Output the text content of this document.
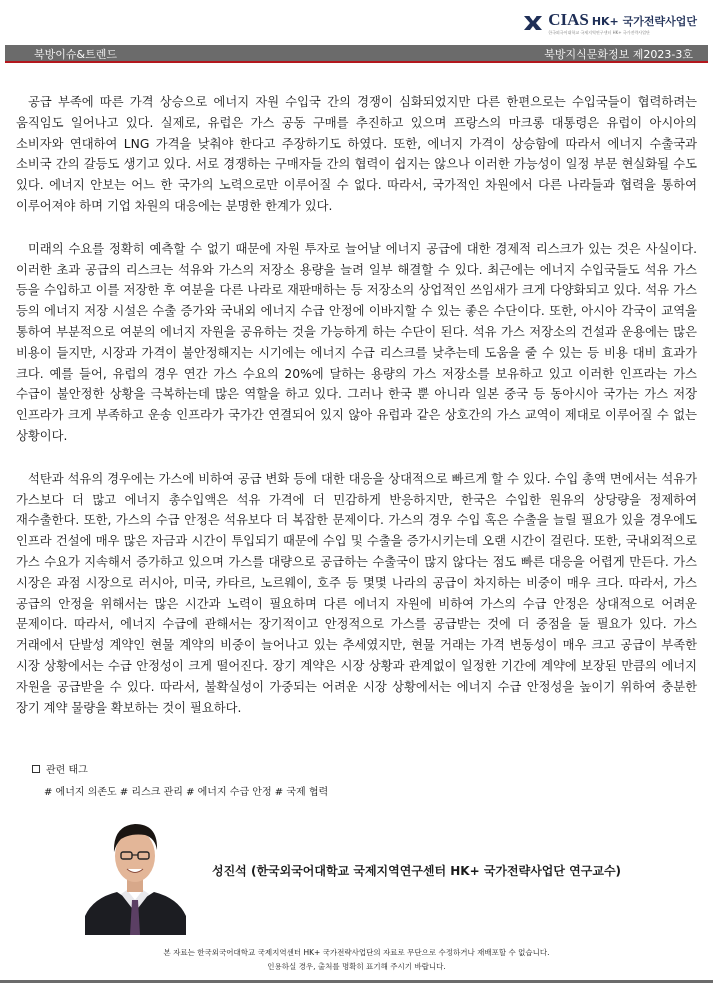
CIAS HK+ 국가전략사업단
한국외국어대학교 국제지역연구센터 HK+ 국가전략사업단
북방이슈&트렌드	북방지식문화정보 제2023-3호

공급 부족에 따른 가격 상승으로 에너지 자원 수입국 간의 경쟁이 심화되었지만 다른 한편으로는 수입국들이 협력하려는 움직임도 일어나고 있다. 실제로, 유럽은 가스 공동 구매를 추진하고 있으며 프랑스의 마크롱 대통령은 유럽이 아시아의 소비자와 연대하여 LNG 가격을 낮춰야 한다고 주장하기도 하였다. 또한, 에너지 가격이 상승함에 따라서 에너지 수출국과 소비국 간의 갈등도 생기고 있다. 서로 경쟁하는 구매자들 간의 협력이 쉽지는 않으나 이러한 가능성이 일정 부문 현실화될 수도 있다. 에너지 안보는 어느 한 국가의 노력으로만 이루어질 수 없다. 따라서, 국가적인 차원에서 다른 나라들과 협력을 통하여 이루어져야 하며 기업 차원의 대응에는 분명한 한계가 있다.

미래의 수요를 정확히 예측할 수 없기 때문에 자원 투자로 늘어날 에너지 공급에 대한 경제적 리스크가 있는 것은 사실이다. 이러한 초과 공급의 리스크는 석유와 가스의 저장소 용량을 늘려 일부 해결할 수 있다. 최근에는 에너지 수입국들도 석유 가스 등을 수입하고 이를 저장한 후 여분을 다른 나라로 재판매하는 등 저장소의 상업적인 쓰임새가 크게 다양화되고 있다. 석유 가스 등의 에너지 저장 시설은 수출 증가와 국내외 에너지 수급 안정에 이바지할 수 있는 좋은 수단이다. 또한, 아시아 각국이 교역을 통하여 부분적으로 여분의 에너지 자원을 공유하는 것을 가능하게 하는 수단이 된다. 석유 가스 저장소의 건설과 운용에는 많은 비용이 들지만, 시장과 가격이 불안정해지는 시기에는 에너지 수급 리스크를 낮추는데 도움을 줄 수 있는 등 비용 대비 효과가 크다. 예를 들어, 유럽의 경우 연간 가스 수요의 20%에 달하는 용량의 가스 저장소를 보유하고 있고 이러한 인프라는 가스 수급이 불안정한 상황을 극복하는데 많은 역할을 하고 있다. 그러나 한국 뿐 아니라 일본 중국 등 동아시아 국가는 가스 저장 인프라가 크게 부족하고 운송 인프라가 국가간 연결되어 있지 않아 유럽과 같은 상호간의 가스 교역이 제대로 이루어질 수 없는 상황이다.

석탄과 석유의 경우에는 가스에 비하여 공급 변화 등에 대한 대응을 상대적으로 빠르게 할 수 있다. 수입 총액 면에서는 석유가 가스보다 더 많고 에너지 총수입액은 석유 가격에 더 민감하게 반응하지만, 한국은 수입한 원유의 상당량을 정제하여 재수출한다. 또한, 가스의 수급 안정은 석유보다 더 복잡한 문제이다. 가스의 경우 수입 혹은 수출을 늘릴 필요가 있을 경우에도 인프라 건설에 매우 많은 자금과 시간이 투입되기 때문에 수입 및 수출을 증가시키는데 오랜 시간이 걸린다. 또한, 국내외적으로 가스 수요가 지속해서 증가하고 있으며 가스를 대량으로 공급하는 수출국이 많지 않다는 점도 빠른 대응을 어렵게 만든다. 가스 시장은 과점 시장으로 러시아, 미국, 카타르, 노르웨이, 호주 등 몇몇 나라의 공급이 차지하는 비중이 매우 크다. 따라서, 가스 공급의 안정을 위해서는 많은 시간과 노력이 필요하며 다른 에너지 자원에 비하여 가스의 수급 안정은 상대적으로 어려운 문제이다. 따라서, 에너지 수급에 관해서는 장기적이고 안정적으로 가스를 공급받는 것에 더 중점을 둘 필요가 있다. 가스 거래에서 단발성 계약인 현물 계약의 비중이 늘어나고 있는 추세였지만, 현물 거래는 가격 변동성이 매우 크고 공급이 부족한 시장 상황에서는 수급 안정성이 크게 떨어진다. 장기 계약은 시장 상황과 관계없이 일정한 기간에 계약에 보장된 만큼의 에너지 자원을 공급받을 수 있다. 따라서, 불확실성이 가중되는 어려운 시장 상황에서는 에너지 수급 안정성을 높이기 위하여 충분한 장기 계약 물량을 확보하는 것이 필요하다.

관련 태그
# 에너지 의존도 # 리스크 관리 # 에너지 수급 안정 # 국제 협력
성진석 (한국외국어대학교 국제지역연구센터 HK+ 국가전략사업단 연구교수)
본 자료는 한국외국어대학교 국제지역센터 HK+ 국가전략사업단의 자료로 무단으로 수정하거나 재배포할 수 없습니다.
인용하실 경우, 출처를 명확히 표기해 주시기 바랍니다.
